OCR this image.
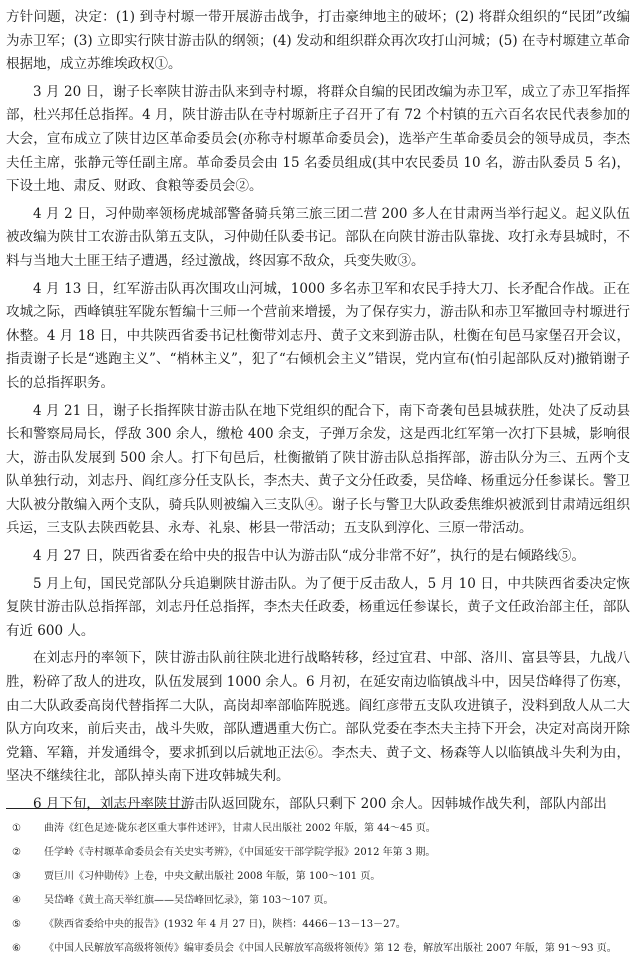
方针问题，决定：(1) 到寺村塬一带开展游击战争，打击豪绅地主的破坏；(2) 将群众组织的“民团”改编为赤卫军；(3) 立即实行陕甘游击队的纲领；(4) 发动和组织群众再次攻打山河城；(5) 在寺村塬建立革命根据地，成立苏维埃政权①。

3 月 20 日，谢子长率陕甘游击队来到寺村塬，将群众自编的民团改编为赤卫军，成立了赤卫军指挥部，杜兴邦任总指挥。4 月，陕甘游击队在寺村塬新庄子召开了有 72 个村镇的五六百名农民代表参加的大会，宣布成立了陕甘边区革命委员会(亦称寺村塬革命委员会)，选举产生革命委员会的领导成员，李杰夫任主席，张静元等任副主席。革命委员会由 15 名委员组成(其中农民委员 10 名，游击队委员 5 名)，下设土地、肃反、财政、食粮等委员会②。

4 月 2 日，习仲勋率领杨虎城部警备骑兵第三旅三团二营 200 多人在甘肃两当举行起义。起义队伍被改编为陕甘工农游击队第五支队，习仲勋任队委书记。部队在向陕甘游击队靠拢、攻打永寿县城时，不料与当地大土匪王结子遭遇，经过激战，终因寡不敌众，兵变失败③。

4 月 13 日，红军游击队再次围攻山河城，1000 多名赤卫军和农民手持大刀、长矛配合作战。正在攻城之际，西峰镇驻军陇东暂编十三师一个营前来增援，为了保存实力，游击队和赤卫军撤回寺村塬进行休整。4 月 18 日，中共陕西省委书记杜衡带刘志丹、黄子文来到游击队，杜衡在旬邑马家堡召开会议，指责谢子长是“逃跑主义”、“梢林主义”，犯了“右倾机会主义”错误，党内宣布(怕引起部队反对)撤销谢子长的总指挥职务。

4 月 21 日，谢子长指挥陕甘游击队在地下党组织的配合下，南下奇袭旬邑县城获胜，处决了反动县长和警察局局长，俘敌 300 余人，缴枪 400 余支，子弹万余发，这是西北红军第一次打下县城，影响很大，游击队发展到 500 余人。打下旬邑后，杜衡撤销了陕甘游击队总指挥部，游击队分为三、五两个支队单独行动，刘志丹、阎红彦分任支队长，李杰夫、黄子文分任政委，吴岱峰、杨重远分任参谋长。警卫大队被分散编入两个支队，骑兵队则被编入三支队④。谢子长与警卫大队政委焦维炽被派到甘肃靖远组织兵运，三支队去陕西乾县、永寿、礼泉、彬县一带活动；五支队到淳化、三原一带活动。

4 月 27 日，陕西省委在给中央的报告中认为游击队“成分非常不好”，执行的是右倾路线⑤。

5 月上旬，国民党部队分兵追剿陕甘游击队。为了便于反击敌人，5 月 10 日，中共陕西省委决定恢复陕甘游击队总指挥部，刘志丹任总指挥，李杰夫任政委，杨重远任参谋长，黄子文任政治部主任，部队有近 600 人。

在刘志丹的率领下，陕甘游击队前往陕北进行战略转移，经过宜君、中部、洛川、富县等县，九战八胜，粉碎了敌人的进攻，队伍发展到 1000 余人。6 月初，在延安南边临镇战斗中，因吴岱峰得了伤寒，由二大队政委高岗代替指挥二大队，高岗却率部临阵脱逃。阎红彦带五支队攻进镇子，没料到敌人从二大队方向攻来，前后夹击，战斗失败，部队遭遇重大伤亡。部队党委在李杰夫主持下开会，决定对高岗开除党籍、军籍，并发通缉令，要求抓到以后就地正法⑥。李杰夫、黄子文、杨森等人以临镇战斗失利为由，坚决不继续往北，部队掉头南下进攻韩城失利。

6 月下旬，刘志丹率陕甘游击队返回陇东，部队只剩下 200 余人。因韩城作战失利，部队内部出

①	曲涛《红色足迹·陇东老区重大事件述评》，甘肃人民出版社 2002 年版，第 44～45 页。
②	任学岭《寺村塬革命委员会有关史实考辨》，《中国延安干部学院学报》2012 年第 3 期。
③	贾巨川《习仲勋传》上卷，中央文献出版社 2008 年版，第 100～101 页。
④	吴岱峰《黄土高天举红旗——吴岱峰回忆录》，第 103～107 页。
⑤	《陕西省委给中央的报告》(1932 年 4 月 27 日)，陕档：4466－13－13－27。
⑥	《中国人民解放军高级将领传》编审委员会《中国人民解放军高级将领传》第 12 卷，解放军出版社 2007 年版，第 91～93 页。
